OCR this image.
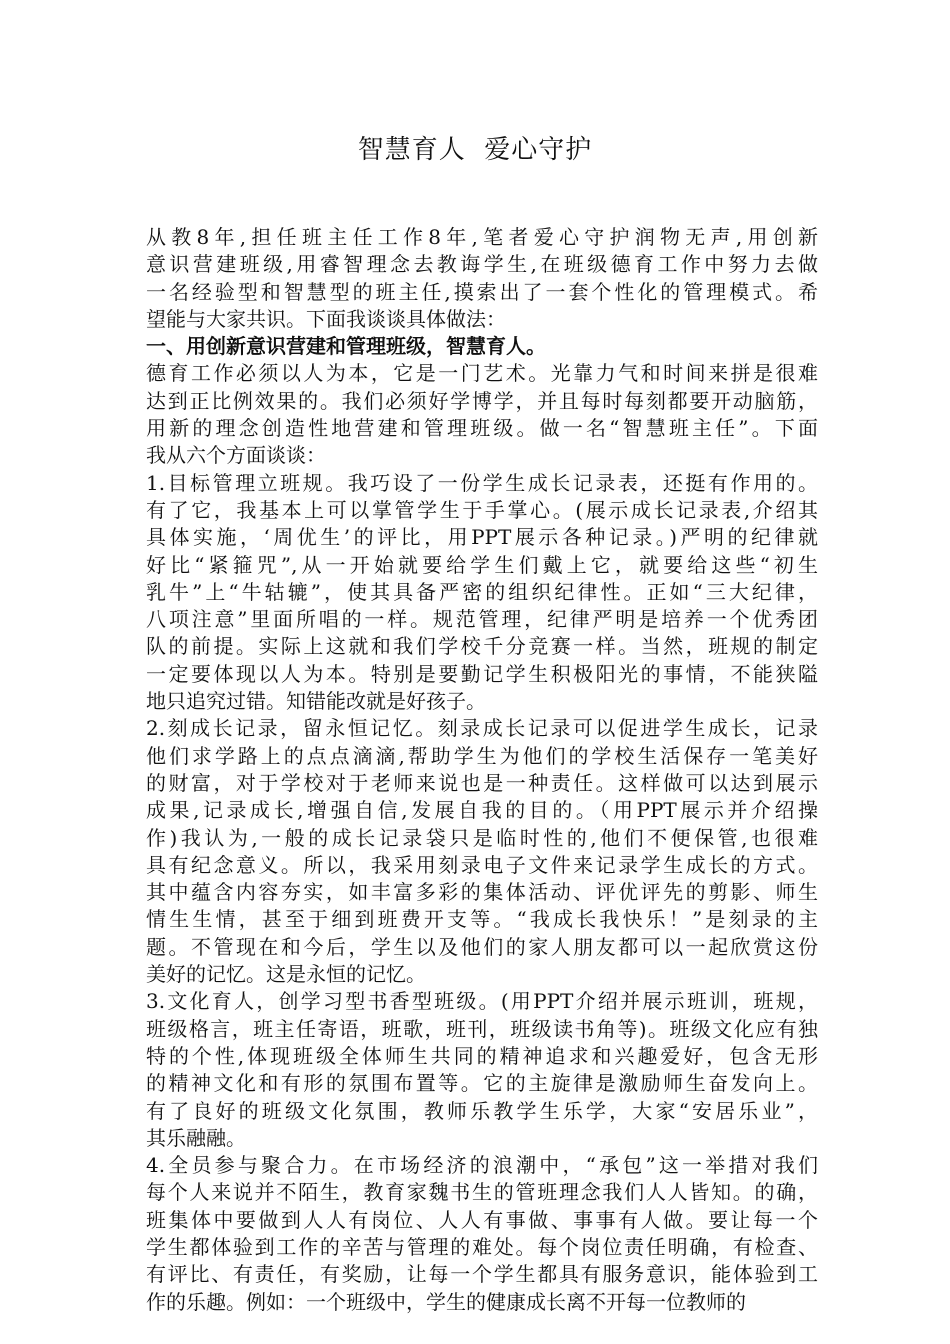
智慧育人  爱心守护
从教8年,担任班主任工作8年,笔者爱心守护润物无声,用创新
意识营建班级,用睿智理念去教诲学生,在班级德育工作中努力去做
一名经验型和智慧型的班主任,摸索出了一套个性化的管理模式。希
望能与大家共识。下面我谈谈具体做法：
一、用创新意识营建和管理班级，智慧育人。
德育工作必须以人为本，它是一门艺术。光靠力气和时间来拼是很难
达到正比例效果的。我们必须好学博学，并且每时每刻都要开动脑筋，
用新的理念创造性地营建和管理班级。做一名“智慧班主任”。下面
我从六个方面谈谈：
1.目标管理立班规。我巧设了一份学生成长记录表，还挺有作用的。
有了它，我基本上可以掌管学生于手掌心。(展示成长记录表,介绍其
具体实施，‘周优生’的评比，用PPT展示各种记录。)严明的纪律就
好比“紧箍咒”,从一开始就要给学生们戴上它，就要给这些“初生
乳牛”上“牛轱辘”，使其具备严密的组织纪律性。正如“三大纪律，
八项注意”里面所唱的一样。规范管理，纪律严明是培养一个优秀团
队的前提。实际上这就和我们学校千分竞赛一样。当然，班规的制定
一定要体现以人为本。特别是要勤记学生积极阳光的事情，不能狭隘
地只追究过错。知错能改就是好孩子。
2.刻成长记录，留永恒记忆。刻录成长记录可以促进学生成长，记录
他们求学路上的点点滴滴,帮助学生为他们的学校生活保存一笔美好
的财富，对于学校对于老师来说也是一种责任。这样做可以达到展示
成果,记录成长,增强自信,发展自我的目的。（用PPT展示并介绍操
作)我认为,一般的成长记录袋只是临时性的,他们不便保管,也很难
具有纪念意义。所以，我采用刻录电子文件来记录学生成长的方式。
其中蕴含内容夯实，如丰富多彩的集体活动、评优评先的剪影、师生
情生生情，甚至于细到班费开支等。“我成长我快乐！”是刻录的主
题。不管现在和今后，学生以及他们的家人朋友都可以一起欣赏这份
美好的记忆。这是永恒的记忆。
3.文化育人，创学习型书香型班级。(用PPT介绍并展示班训，班规，
班级格言，班主任寄语，班歌，班刊，班级读书角等)。班级文化应有独
特的个性,体现班级全体师生共同的精神追求和兴趣爱好，包含无形
的精神文化和有形的氛围布置等。它的主旋律是激励师生奋发向上。
有了良好的班级文化氛围，教师乐教学生乐学，大家“安居乐业”，
其乐融融。
4.全员参与聚合力。在市场经济的浪潮中，“承包”这一举措对我们
每个人来说并不陌生，教育家魏书生的管班理念我们人人皆知。的确，
班集体中要做到人人有岗位、人人有事做、事事有人做。要让每一个
学生都体验到工作的辛苦与管理的难处。每个岗位责任明确，有检查、
有评比、有责任，有奖励，让每一个学生都具有服务意识，能体验到工
作的乐趣。例如：一个班级中，学生的健康成长离不开每一位教师的
